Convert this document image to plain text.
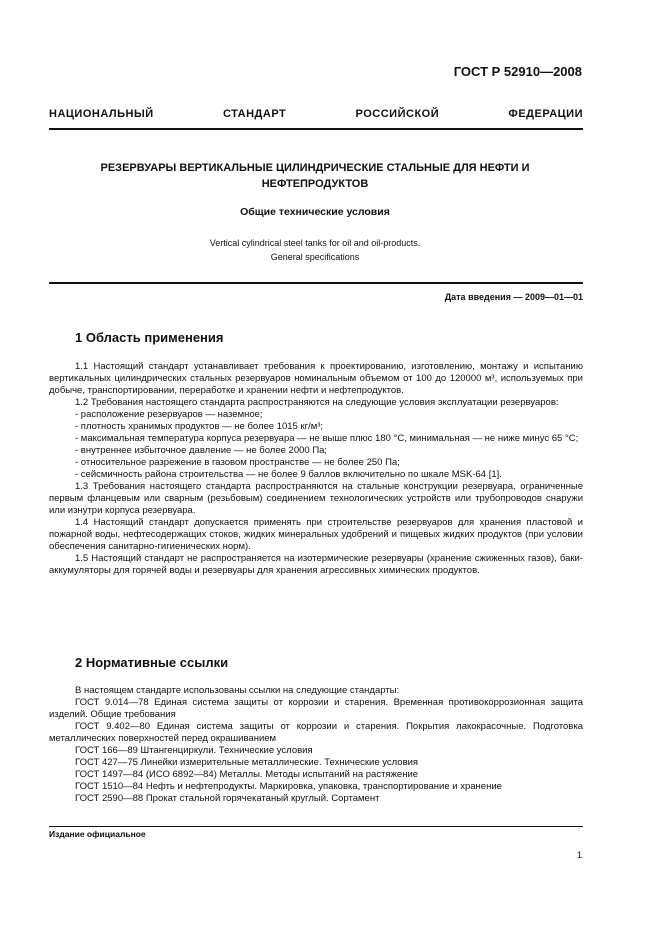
ГОСТ Р 52910—2008
НАЦИОНАЛЬНЫЙ СТАНДАРТ РОССИЙСКОЙ ФЕДЕРАЦИИ
РЕЗЕРВУАРЫ ВЕРТИКАЛЬНЫЕ ЦИЛИНДРИЧЕСКИЕ СТАЛЬНЫЕ ДЛЯ НЕФТИ И
НЕФТЕПРОДУКТОВ
Общие технические условия
Vertical cylindrical steel tanks for oil and oil-products.
General specifications
Дата введения — 2009—01—01
1 Область применения

1.1 Настоящий стандарт устанавливает требования к проектированию, изготовлению, монтажу и испытанию вертикальных цилиндрических стальных резервуаров номинальным объемом от 100 до 120000 м³, используемых при добыче, транспортировании, переработке и хранении нефти и нефтепродуктов.

1.2 Требования настоящего стандарта распространяются на следующие условия эксплуатации резервуаров:

- расположение резервуаров — наземное;

- плотность хранимых продуктов — не более 1015 кг/м³;

- максимальная температура корпуса резервуара — не выше плюс 180 °С, минимальная — не ниже минус 65 °С;

- внутреннее избыточное давление — не более 2000 Па;

- относительное разрежение в газовом пространстве — не более 250 Па;

- сейсмичность района строительства — не более 9 баллов включительно по шкале MSK-64 [1].

1.3 Требования настоящего стандарта распространяются на стальные конструкции резервуара, ограниченные первым фланцевым или сварным (резьбовым) соединением технологических устройств или трубопроводов снаружи или изнутри корпуса резервуара.

1.4 Настоящий стандарт допускается применять при строительстве резервуаров для хранения пластовой и пожарной воды, нефтесодержащих стоков, жидких минеральных удобрений и пищевых жидких продуктов (при условии обеспечения санитарно-гигиенических норм).

1.5 Настоящий стандарт не распространяется на изотермические резервуары (хранение сжиженных газов), баки-аккумуляторы для горячей воды и резервуары для хранения агрессивных химических продуктов.

2 Нормативные ссылки

В настоящем стандарте использованы ссылки на следующие стандарты:

ГОСТ 9.014—78 Единая система защиты от коррозии и старения. Временная противокоррозионная защита изделий. Общие требования

ГОСТ 9.402—80 Единая система защиты от коррозии и старения. Покрытия лакокрасочные. Подготовка металлических поверхностей перед окрашиванием

ГОСТ 166—89 Штангенциркули. Технические условия

ГОСТ 427—75 Линейки измерительные металлические. Технические условия

ГОСТ 1497—84 (ИСО 6892—84) Металлы. Методы испытаний на растяжение

ГОСТ 1510—84 Нефть и нефтепродукты. Маркировка, упаковка, транспортирование и хранение

ГОСТ 2590—88 Прокат стальной горячекатаный круглый. Сортамент

Издание официальное
1
